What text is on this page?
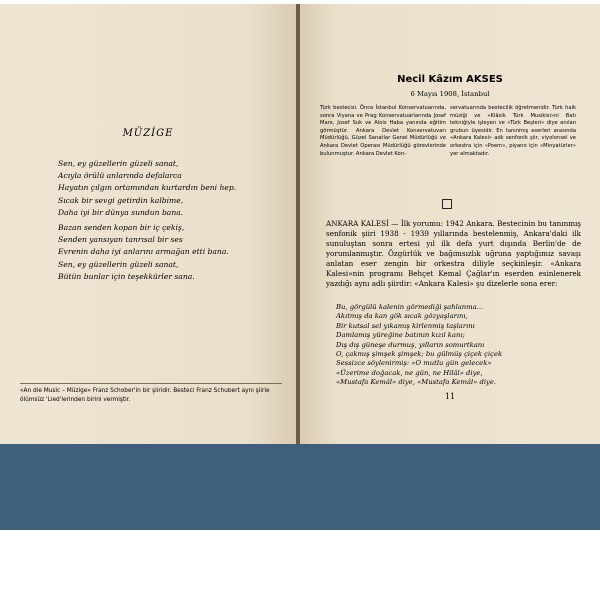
MÜZİGE
Sen, ey güzellerin güzeli sanat,
Acıyla örülü anlarında defalarca
Hayatın çılgın ortamından kurtardın beni hep.
Sıcak bir sevgi getirdin kalbime,
Daha iyi bir dünya sundun bana.
Bazan senden kopan bir iç çekiş,
Senden yansıyan tanrısal bir ses
Evrenin daha iyi anlarını armağan etti bana.
Sen, ey güzellerin güzeli sanat,
Bütün bunlar için teşekkürler sana.
«An die Music – Müzige» Franz Schober'in bir şiiridir. Besteci Franz Schubert aynı şiirle ölümsüz 'Lied'lerinden birini vermiştir.
Necil Kâzım AKSES
6 Mayıs 1908, İstanbul
Türk bestecisi. Önce İstanbul Konservatuarında, sonra Viyana ve Prag Konservatuarlarında Josef Marx, Josef Suk ve Alois Haba yanında eğitim görmüştür. Ankara Devlet Konservatuvarı Müdürlüğü, Güzel Sanatlar Genel Müdürlüğü ve Ankara Devlet Operası Müdürlüğü görevlerinde bulunmuştur. Ankara Devlet Kon-
servatuarında bestecilik öğretmenidir. Türk halk müziği ve «Klâsik Türk Musikisi»ni Batı tekniğiyle işleyen ve «Türk Beşleri» diye anılan grubun üyesidir. En tanınmış eserleri arasında «Ankara Kalesi» adlı senfonik şiir, viyolonsel ve orkestra için «Poem», piyano için «Minyatürler» yer almaktadır.
ANKARA KALESİ — İlk yorumu: 1942 Ankara. Bestecinin bu tanınmış senfonik şiiri 1938 - 1939 yıllarında bestelenmiş, Ankara'daki ilk sunuluştan sonra ertesi yıl ilk defa yurt dışında Berlin'de de yorumlanmıştır. Özgürlük ve bağımsızlık uğruna yaptığımız savaşı anlatan eser zengin bir orkestra diliyle seçkinleşir. «Ankara Kalesi»nin programı Behçet Kemal Çağlar'ın eserden esinlenerek yazdığı aynı adlı şiirdir: «Ankara Kalesi» şu dizelerle sona erer:
Bu, görgülü kalenin görmediği şahlanma...
Akıtmış da kan gök sıcak gözyaşlarını,
Bir kutsal sel yıkamış kirlenmiş taşlarını
Damlamış yüreğine batının kızıl kanı;
Dış dış güneşe durmuş, yılların somurtkanı
O, çakmış şimşek şimşek; bu gülmüş çiçek çiçek
Sessizce söylenirmiş: «O mutlu gün gelecek»
«Üzerime doğacak, ne gün, ne Hilâl» diye,
«Mustafa Kemâl» diye, «Mustafa Kemâl» diye.
11
